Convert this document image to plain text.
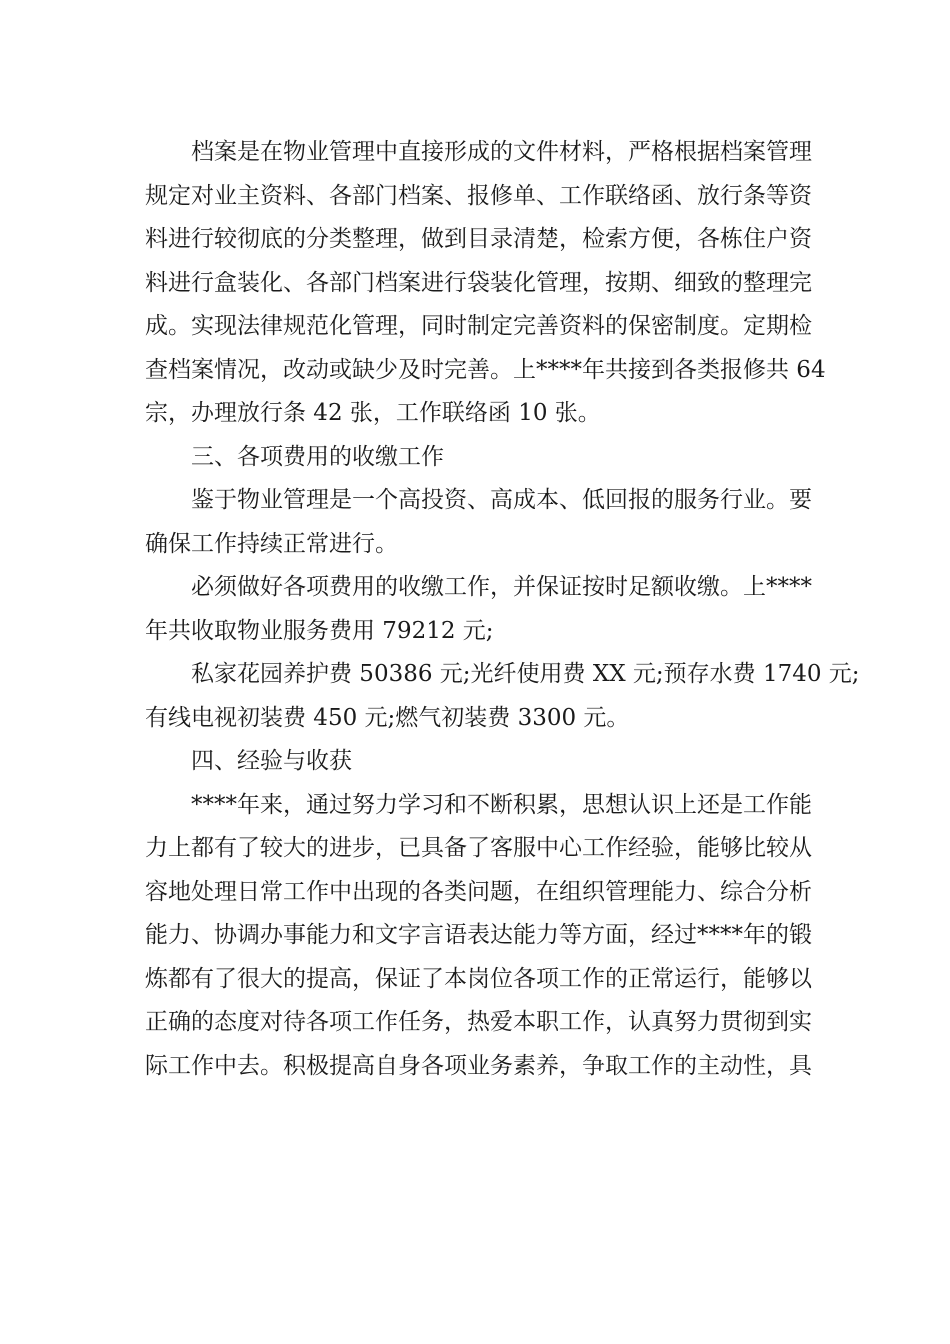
档案是在物业管理中直接形成的文件材料，严格根据档案管理
规定对业主资料、各部门档案、报修单、工作联络函、放行条等资
料进行较彻底的分类整理，做到目录清楚，检索方便，各栋住户资
料进行盒装化、各部门档案进行袋装化管理，按期、细致的整理完
成。实现法律规范化管理，同时制定完善资料的保密制度。定期检
查档案情况，改动或缺少及时完善。上****年共接到各类报修共 64
宗，办理放行条 42 张，工作联络函 10 张。
三、各项费用的收缴工作
鉴于物业管理是一个高投资、高成本、低回报的服务行业。要
确保工作持续正常进行。
必须做好各项费用的收缴工作，并保证按时足额收缴。上****
年共收取物业服务费用 79212 元;
私家花园养护费 50386 元;光纤使用费 XX 元;预存水费 1740 元;
有线电视初装费 450 元;燃气初装费 3300 元。
四、经验与收获
****年来，通过努力学习和不断积累，思想认识上还是工作能
力上都有了较大的进步，已具备了客服中心工作经验，能够比较从
容地处理日常工作中出现的各类问题，在组织管理能力、综合分析
能力、协调办事能力和文字言语表达能力等方面，经过****年的锻
炼都有了很大的提高，保证了本岗位各项工作的正常运行，能够以
正确的态度对待各项工作任务，热爱本职工作，认真努力贯彻到实
际工作中去。积极提高自身各项业务素养，争取工作的主动性，具
